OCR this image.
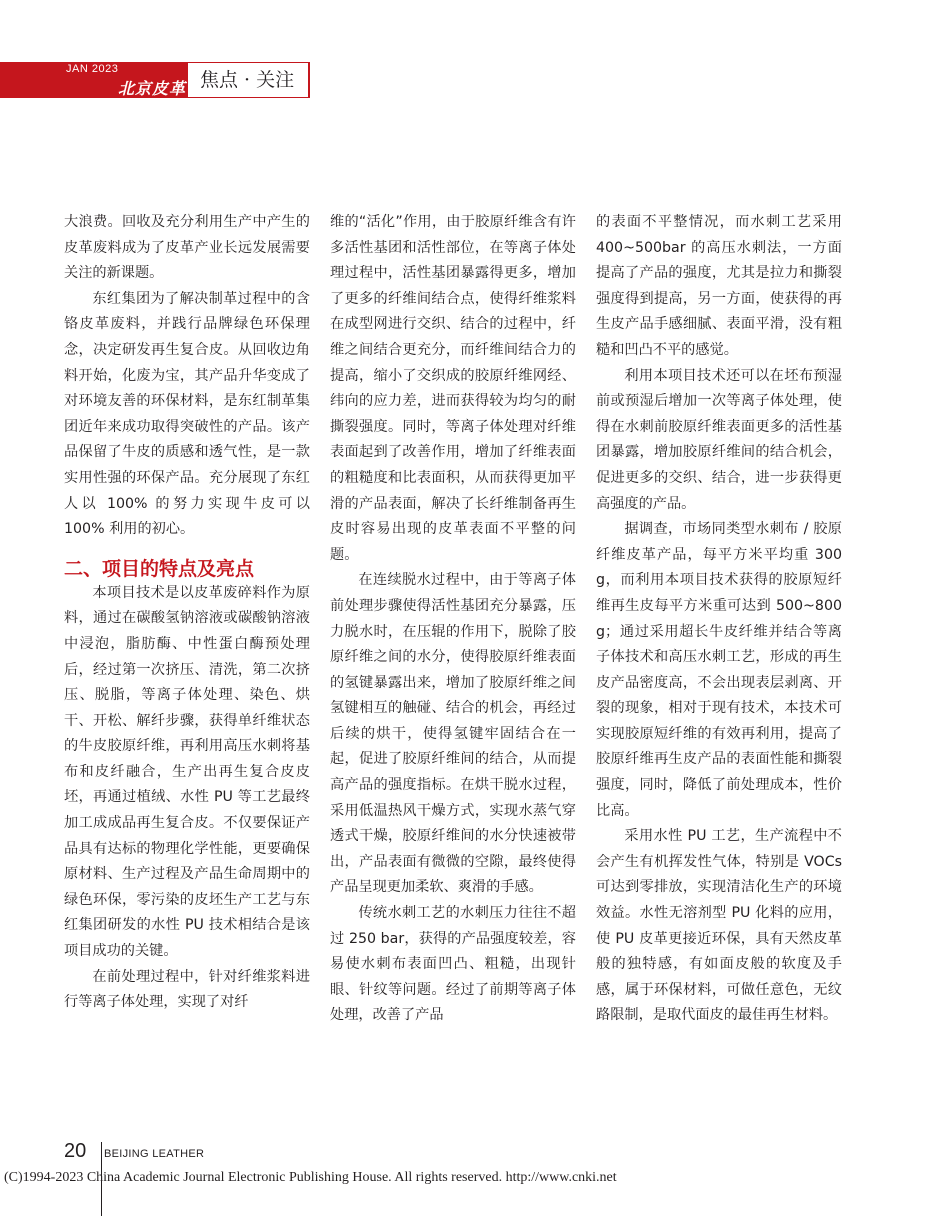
JAN 2023
北京皮革 焦点 · 关注

大浪费。回收及充分利用生产中产生的皮革废料成为了皮革产业长远发展需要关注的新课题。

东红集团为了解决制革过程中的含铬皮革废料，并践行品牌绿色环保理念，决定研发再生复合皮。从回收边角料开始，化废为宝，其产品升华变成了对环境友善的环保材料，是东红制革集团近年来成功取得突破性的产品。该产品保留了牛皮的质感和透气性，是一款实用性强的环保产品。充分展现了东红人以 100% 的努力实现牛皮可以 100% 利用的初心。

二、项目的特点及亮点

本项目技术是以皮革废碎料作为原料，通过在碳酸氢钠溶液或碳酸钠溶液中浸泡，脂肪酶、中性蛋白酶预处理后，经过第一次挤压、清洗，第二次挤压、脱脂，等离子体处理、染色、烘干、开松、解纤步骤，获得单纤维状态的牛皮胶原纤维，再利用高压水刺将基布和皮纤融合，生产出再生复合皮皮坯，再通过植绒、水性 PU 等工艺最终加工成成品再生复合皮。不仅要保证产品具有达标的物理化学性能，更要确保原材料、生产过程及产品生命周期中的绿色环保，零污染的皮坯生产工艺与东红集团研发的水性 PU 技术相结合是该项目成功的关键。

在前处理过程中，针对纤维浆料进行等离子体处理，实现了对纤

维的“活化”作用，由于胶原纤维含有许多活性基团和活性部位，在等离子体处理过程中，活性基团暴露得更多，增加了更多的纤维间结合点，使得纤维浆料在成型网进行交织、结合的过程中，纤维之间结合更充分，而纤维间结合力的提高，缩小了交织成的胶原纤维网经、纬向的应力差，进而获得较为均匀的耐撕裂强度。同时，等离子体处理对纤维表面起到了改善作用，增加了纤维表面的粗糙度和比表面积，从而获得更加平滑的产品表面，解决了长纤维制备再生皮时容易出现的皮革表面不平整的问题。

在连续脱水过程中，由于等离子体前处理步骤使得活性基团充分暴露，压力脱水时，在压辊的作用下，脱除了胶原纤维之间的水分，使得胶原纤维表面的氢键暴露出来，增加了胶原纤维之间氢键相互的触碰、结合的机会，再经过后续的烘干，使得氢键牢固结合在一起，促进了胶原纤维间的结合，从而提高产品的强度指标。在烘干脱水过程，采用低温热风干燥方式，实现水蒸气穿透式干燥，胶原纤维间的水分快速被带出，产品表面有微微的空隙，最终使得产品呈现更加柔软、爽滑的手感。

传统水刺工艺的水刺压力往往不超过 250 bar，获得的产品强度较差，容易使水刺布表面凹凸、粗糙，出现针眼、针纹等问题。经过了前期等离子体处理，改善了产品

的表面不平整情况，而水刺工艺采用 400~500bar 的高压水刺法，一方面提高了产品的强度，尤其是拉力和撕裂强度得到提高，另一方面，使获得的再生皮产品手感细腻、表面平滑，没有粗糙和凹凸不平的感觉。

利用本项目技术还可以在坯布预湿前或预湿后增加一次等离子体处理，使得在水刺前胶原纤维表面更多的活性基团暴露，增加胶原纤维间的结合机会，促进更多的交织、结合，进一步获得更高强度的产品。

据调查，市场同类型水刺布 / 胶原纤维皮革产品，每平方米平均重 300 g，而利用本项目技术获得的胶原短纤维再生皮每平方米重可达到 500~800 g；通过采用超长牛皮纤维并结合等离子体技术和高压水刺工艺，形成的再生皮产品密度高，不会出现表层剥离、开裂的现象，相对于现有技术，本技术可实现胶原短纤维的有效再利用，提高了胶原纤维再生皮产品的表面性能和撕裂强度，同时，降低了前处理成本，性价比高。

采用水性 PU 工艺，生产流程中不会产生有机挥发性气体，特别是 VOCs 可达到零排放，实现清洁化生产的环境效益。水性无溶剂型 PU 化料的应用，使 PU 皮革更接近环保，具有天然皮革般的独特感，有如面皮般的软度及手感，属于环保材料，可做任意色，无纹路限制，是取代面皮的最佳再生材料。

20 BEIJING LEATHER
(C)1994-2023 China Academic Journal Electronic Publishing House. All rights reserved. http://www.cnki.net
